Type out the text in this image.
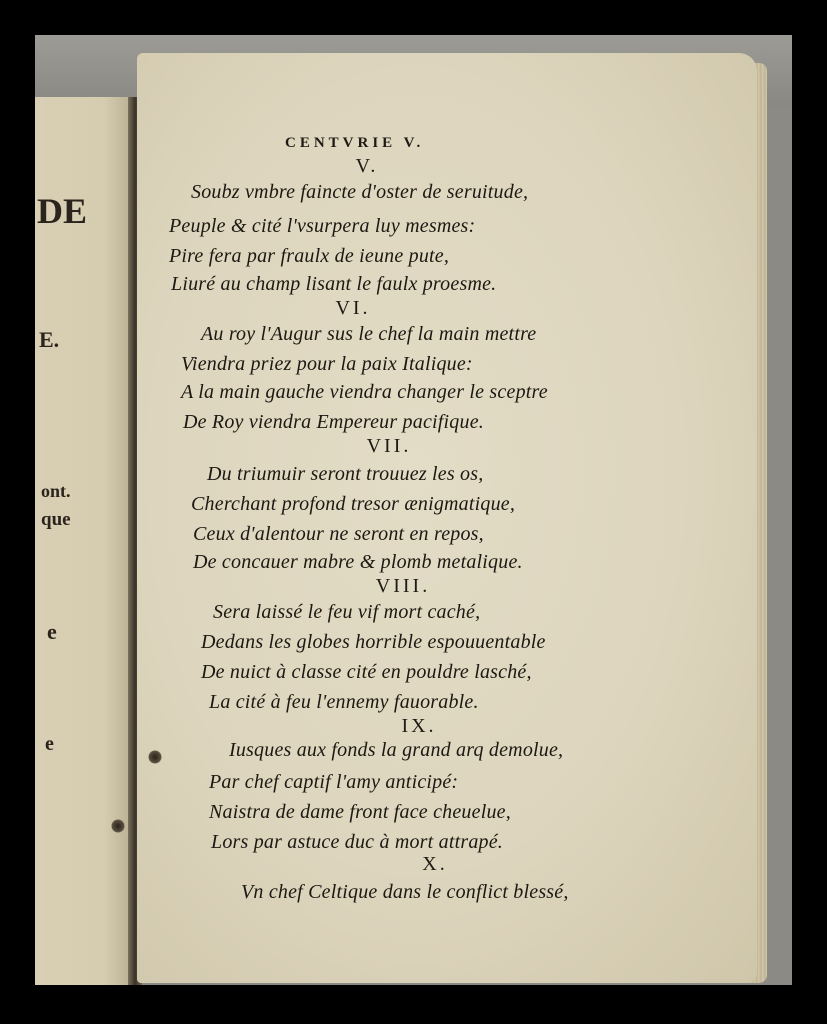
DE
E.
ont.
que
e
e
CENTVRIE V.
V.
Soubz vmbre faincte d'oster de seruitude,
Peuple & cité l'vsurpera luy mesmes:
Pire fera par fraulx de ieune pute,
Liuré au champ lisant le faulx proesme.
VI.
Au roy l'Augur sus le chef la main mettre
Viendra priez pour la paix Italique:
A la main gauche viendra changer le sceptre
De Roy viendra Empereur pacifique.
VII.
Du triumuir seront trouuez les os,
Cherchant profond tresor ænigmatique,
Ceux d'alentour ne seront en repos,
De concauer mabre & plomb metalique.
VIII.
Sera laissé le feu vif mort caché,
Dedans les globes horrible espouuentable
De nuict à classe cité en pouldre lasché,
La cité à feu l'ennemy fauorable.
IX.
Iusques aux fonds la grand arq demolue,
Par chef captif l'amy anticipé:
Naistra de dame front face cheuelue,
Lors par astuce duc à mort attrapé.
X.
Vn chef Celtique dans le conflict blessé,
